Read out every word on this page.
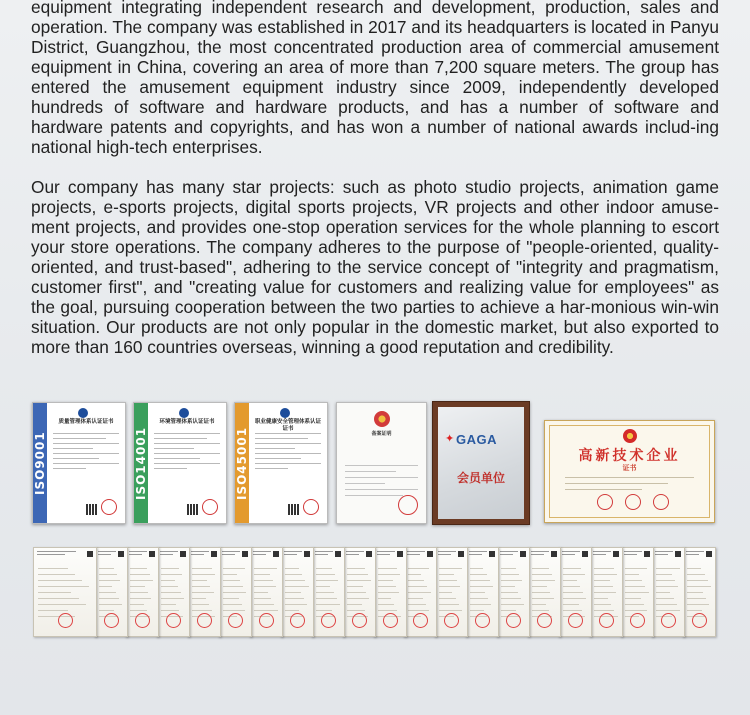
equipment integrating independent research and development, production, sales and operation. The company was established in 2017 and its headquarters is located in Panyu District, Guangzhou, the most concentrated production area of commercial amusement equipment in China, covering an area of more than 7,200 square meters. The group has entered the amusement equipment industry since 2009, independently developed hundreds of software and hardware products, and has a number of software and hardware patents and copyrights, and has won a number of national awards includ-ing national high-tech enterprises.

Our company has many star projects: such as photo studio projects, animation game projects, e-sports projects, digital sports projects, VR projects and other indoor amuse-ment projects, and provides one-stop operation services for the whole planning to escort your store operations. The company adheres to the purpose of "people-oriented, quality-oriented, and trust-based", adhering to the service concept of "integrity and pragmatism, customer first", and "creating value for customers and realizing value for employees" as the goal, pursuing cooperation between the two parties to achieve a har-monious win-win situation. Our products are not only popular in the domestic market, but also exported to more than 160 countries overseas, winning a good reputation and credibility.

ISO9001
质量管理体系认证证书
ISO14001
环境管理体系认证证书
ISO45001
职业健康安全管理体系认证证书
备案证明	✦ GAGA
会员单位
高新技术企业
证书
